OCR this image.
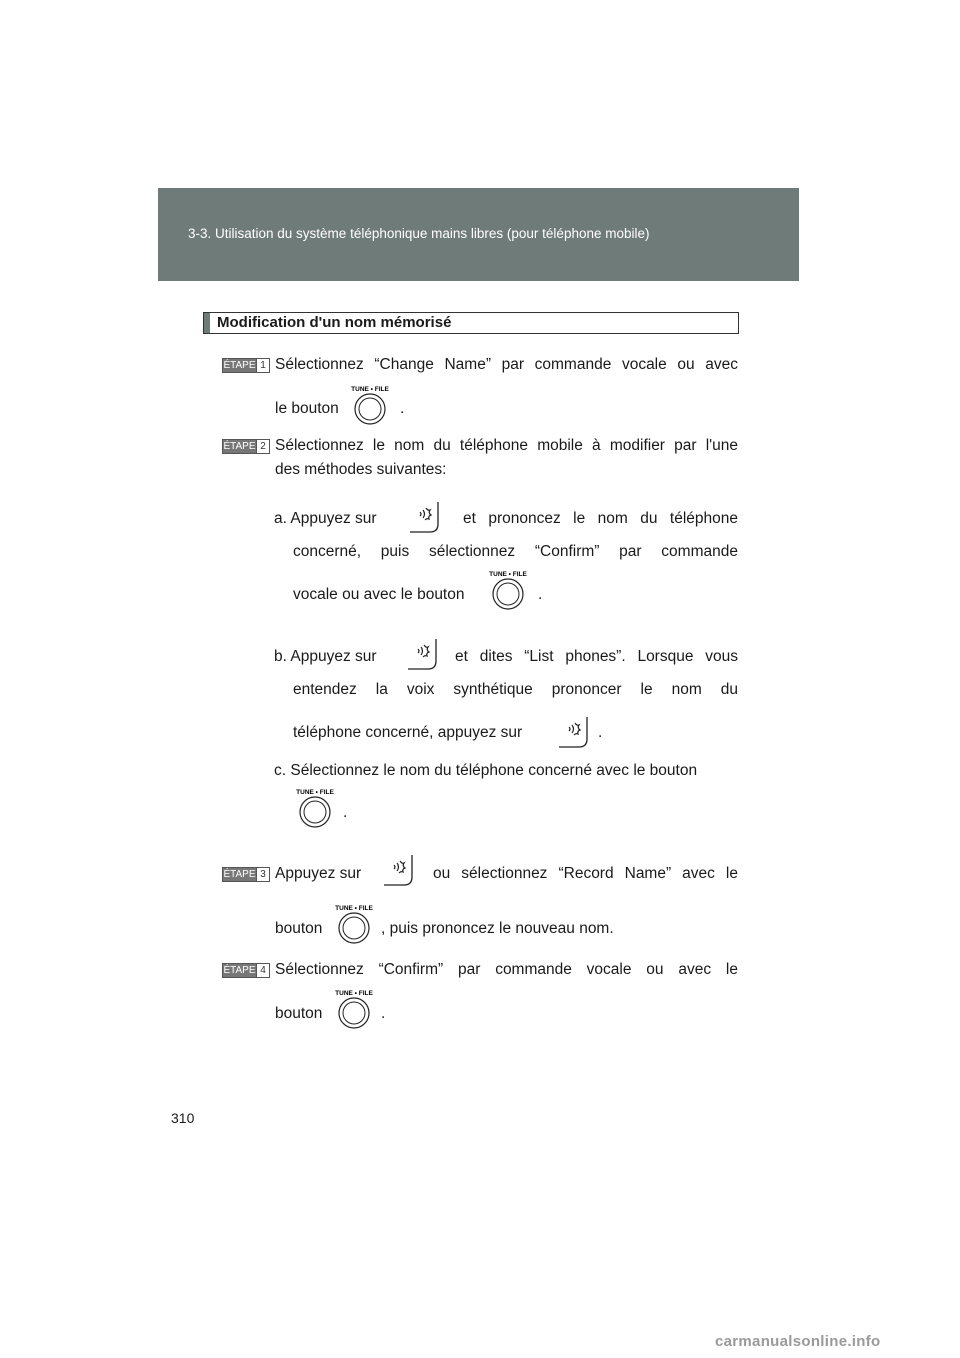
3-3. Utilisation du système téléphonique mains libres (pour téléphone mobile)
Modification d'un nom mémorisé
ÉTAPE 1 Sélectionnez “Change Name” par commande vocale ou avec
le bouton
TUNE • FILE
.
ÉTAPE 2 Sélectionnez le nom du téléphone mobile à modifier par l'une
des méthodes suivantes:
a. Appuyez sur	et prononcez le nom du téléphone
concerné, puis sélectionnez “Confirm” par commande
vocale ou avec le bouton
TUNE • FILE
.
b. Appuyez sur	et dites “List phones”. Lorsque vous
entendez la voix synthétique prononcer le nom du
téléphone concerné, appuyez sur	.
c. Sélectionnez le nom du téléphone concerné avec le bouton
TUNE • FILE
.
ÉTAPE 3 Appuyez sur	ou sélectionnez “Record Name” avec le
bouton
TUNE • FILE
, puis prononcez le nouveau nom.
ÉTAPE 4 Sélectionnez “Confirm” par commande vocale ou avec le
bouton
TUNE • FILE
.
310
carmanualsonline.info
